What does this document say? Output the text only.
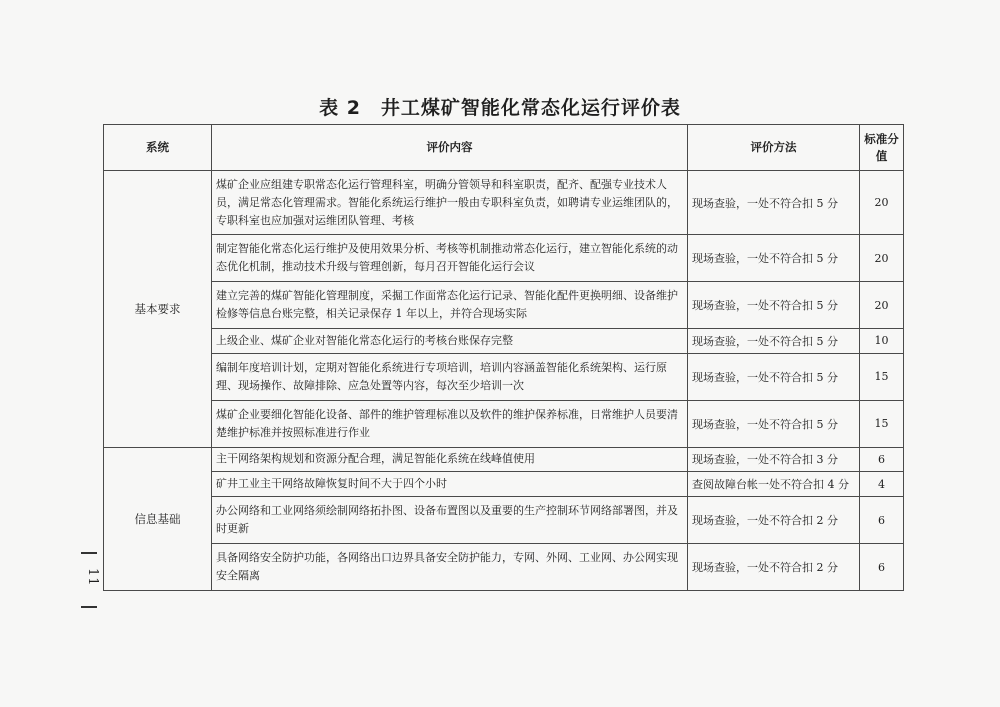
表 2　井工煤矿智能化常态化运行评价表
11
系统	评价内容	评价方法	标准分值
基本要求	煤矿企业应组建专职常态化运行管理科室，明确分管领导和科室职责，配齐、配强专业技术人员，满足常态化管理需求。智能化系统运行维护一般由专职科室负责，如聘请专业运维团队的，专职科室也应加强对运维团队管理、考核	现场查验，一处不符合扣 5 分	20
	制定智能化常态化运行维护及使用效果分析、考核等机制推动常态化运行，建立智能化系统的动态优化机制，推动技术升级与管理创新，每月召开智能化运行会议	现场查验，一处不符合扣 5 分	20
	建立完善的煤矿智能化管理制度，采掘工作面常态化运行记录、智能化配件更换明细、设备维护检修等信息台账完整，相关记录保存 1 年以上，并符合现场实际	现场查验，一处不符合扣 5 分	20
	上级企业、煤矿企业对智能化常态化运行的考核台账保存完整	现场查验，一处不符合扣 5 分	10
	编制年度培训计划，定期对智能化系统进行专项培训，培训内容涵盖智能化系统架构、运行原理、现场操作、故障排除、应急处置等内容，每次至少培训一次	现场查验，一处不符合扣 5 分	15
	煤矿企业要细化智能化设备、部件的维护管理标准以及软件的维护保养标准，日常维护人员要清楚维护标准并按照标准进行作业	现场查验，一处不符合扣 5 分	15
信息基础	主干网络架构规划和资源分配合理，满足智能化系统在线峰值使用	现场查验，一处不符合扣 3 分	6
	矿井工业主干网络故障恢复时间不大于四个小时	查阅故障台帐一处不符合扣 4 分	4
	办公网络和工业网络须绘制网络拓扑图、设备布置图以及重要的生产控制环节网络部署图，并及时更新	现场查验，一处不符合扣 2 分	6
	具备网络安全防护功能，各网络出口边界具备安全防护能力，专网、外网、工业网、办公网实现安全隔离	现场查验，一处不符合扣 2 分	6
